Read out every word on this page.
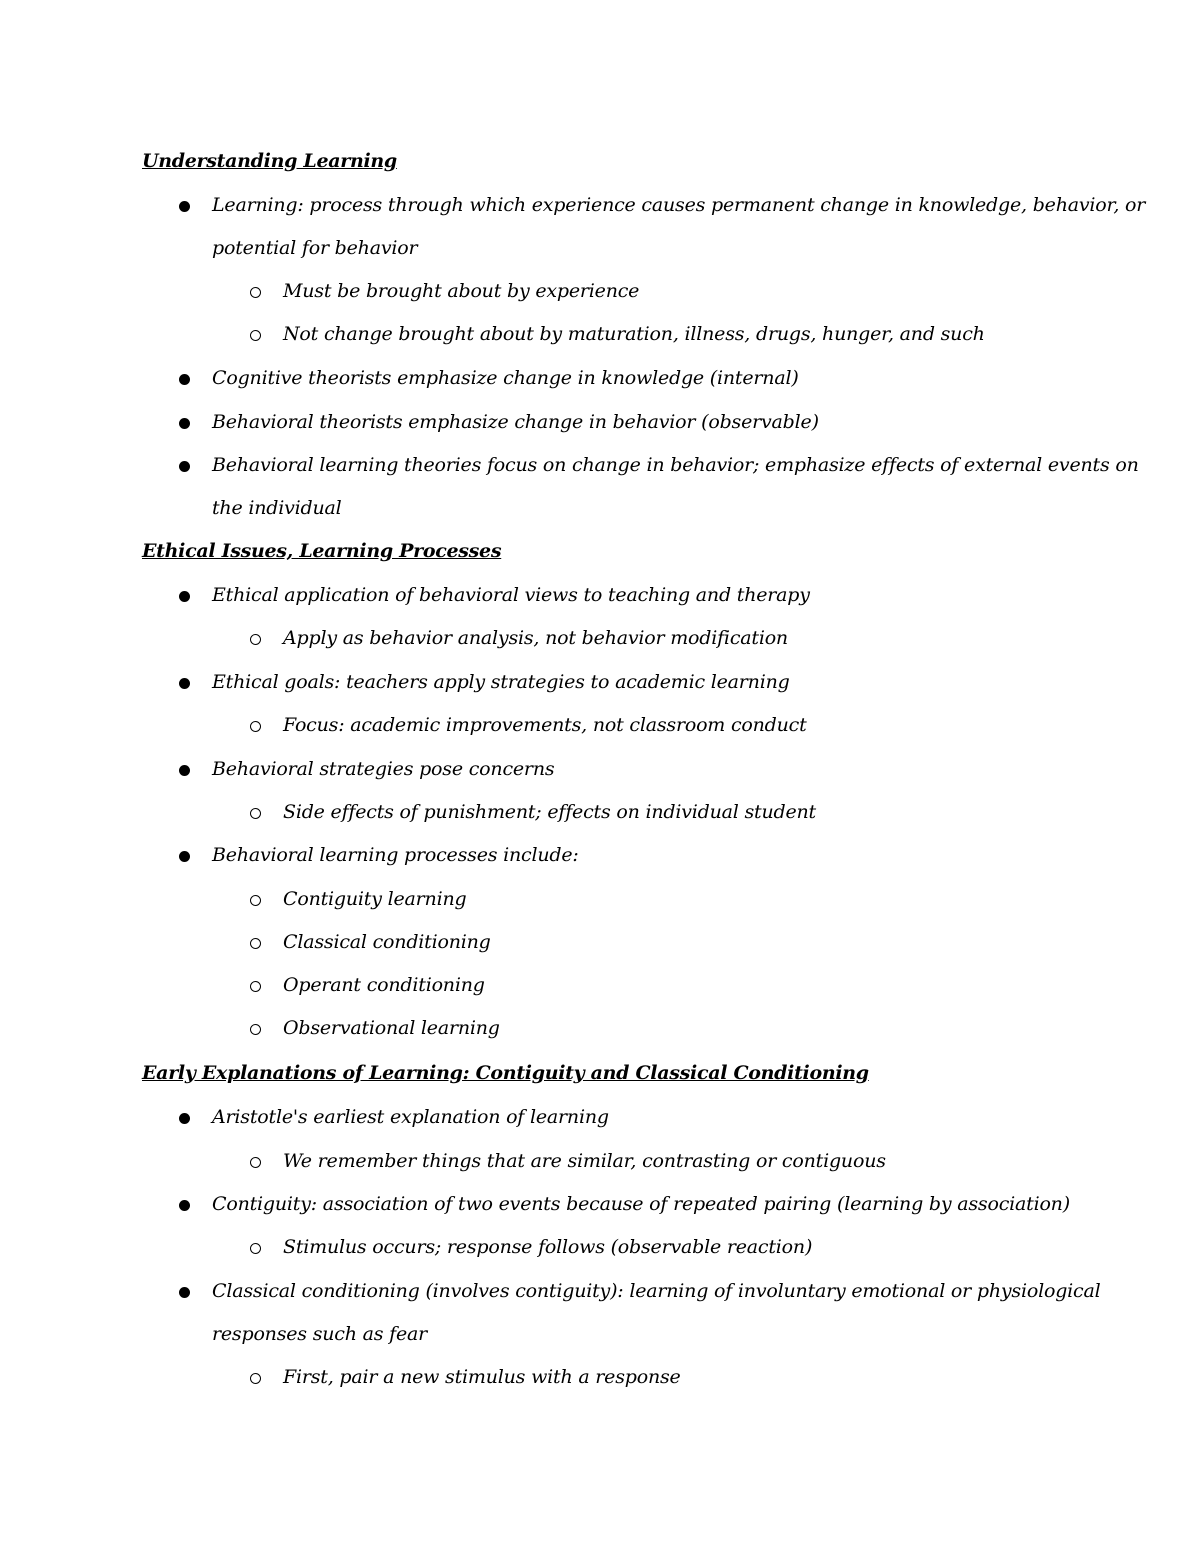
Understanding Learning
Learning: process through which experience causes permanent change in knowledge, behavior, or
potential for behavior
Must be brought about by experience
Not change brought about by maturation, illness, drugs, hunger, and such
Cognitive theorists emphasize change in knowledge (internal)
Behavioral theorists emphasize change in behavior (observable)
Behavioral learning theories focus on change in behavior; emphasize effects of external events on
the individual
Ethical Issues, Learning Processes
Ethical application of behavioral views to teaching and therapy
Apply as behavior analysis, not behavior modification
Ethical goals: teachers apply strategies to academic learning
Focus: academic improvements, not classroom conduct
Behavioral strategies pose concerns
Side effects of punishment; effects on individual student
Behavioral learning processes include:
Contiguity learning
Classical conditioning
Operant conditioning
Observational learning
Early Explanations of Learning: Contiguity and Classical Conditioning
Aristotle's earliest explanation of learning
We remember things that are similar, contrasting or contiguous
Contiguity: association of two events because of repeated pairing (learning by association)
Stimulus occurs; response follows (observable reaction)
Classical conditioning (involves contiguity): learning of involuntary emotional or physiological
responses such as fear
First, pair a new stimulus with a response
